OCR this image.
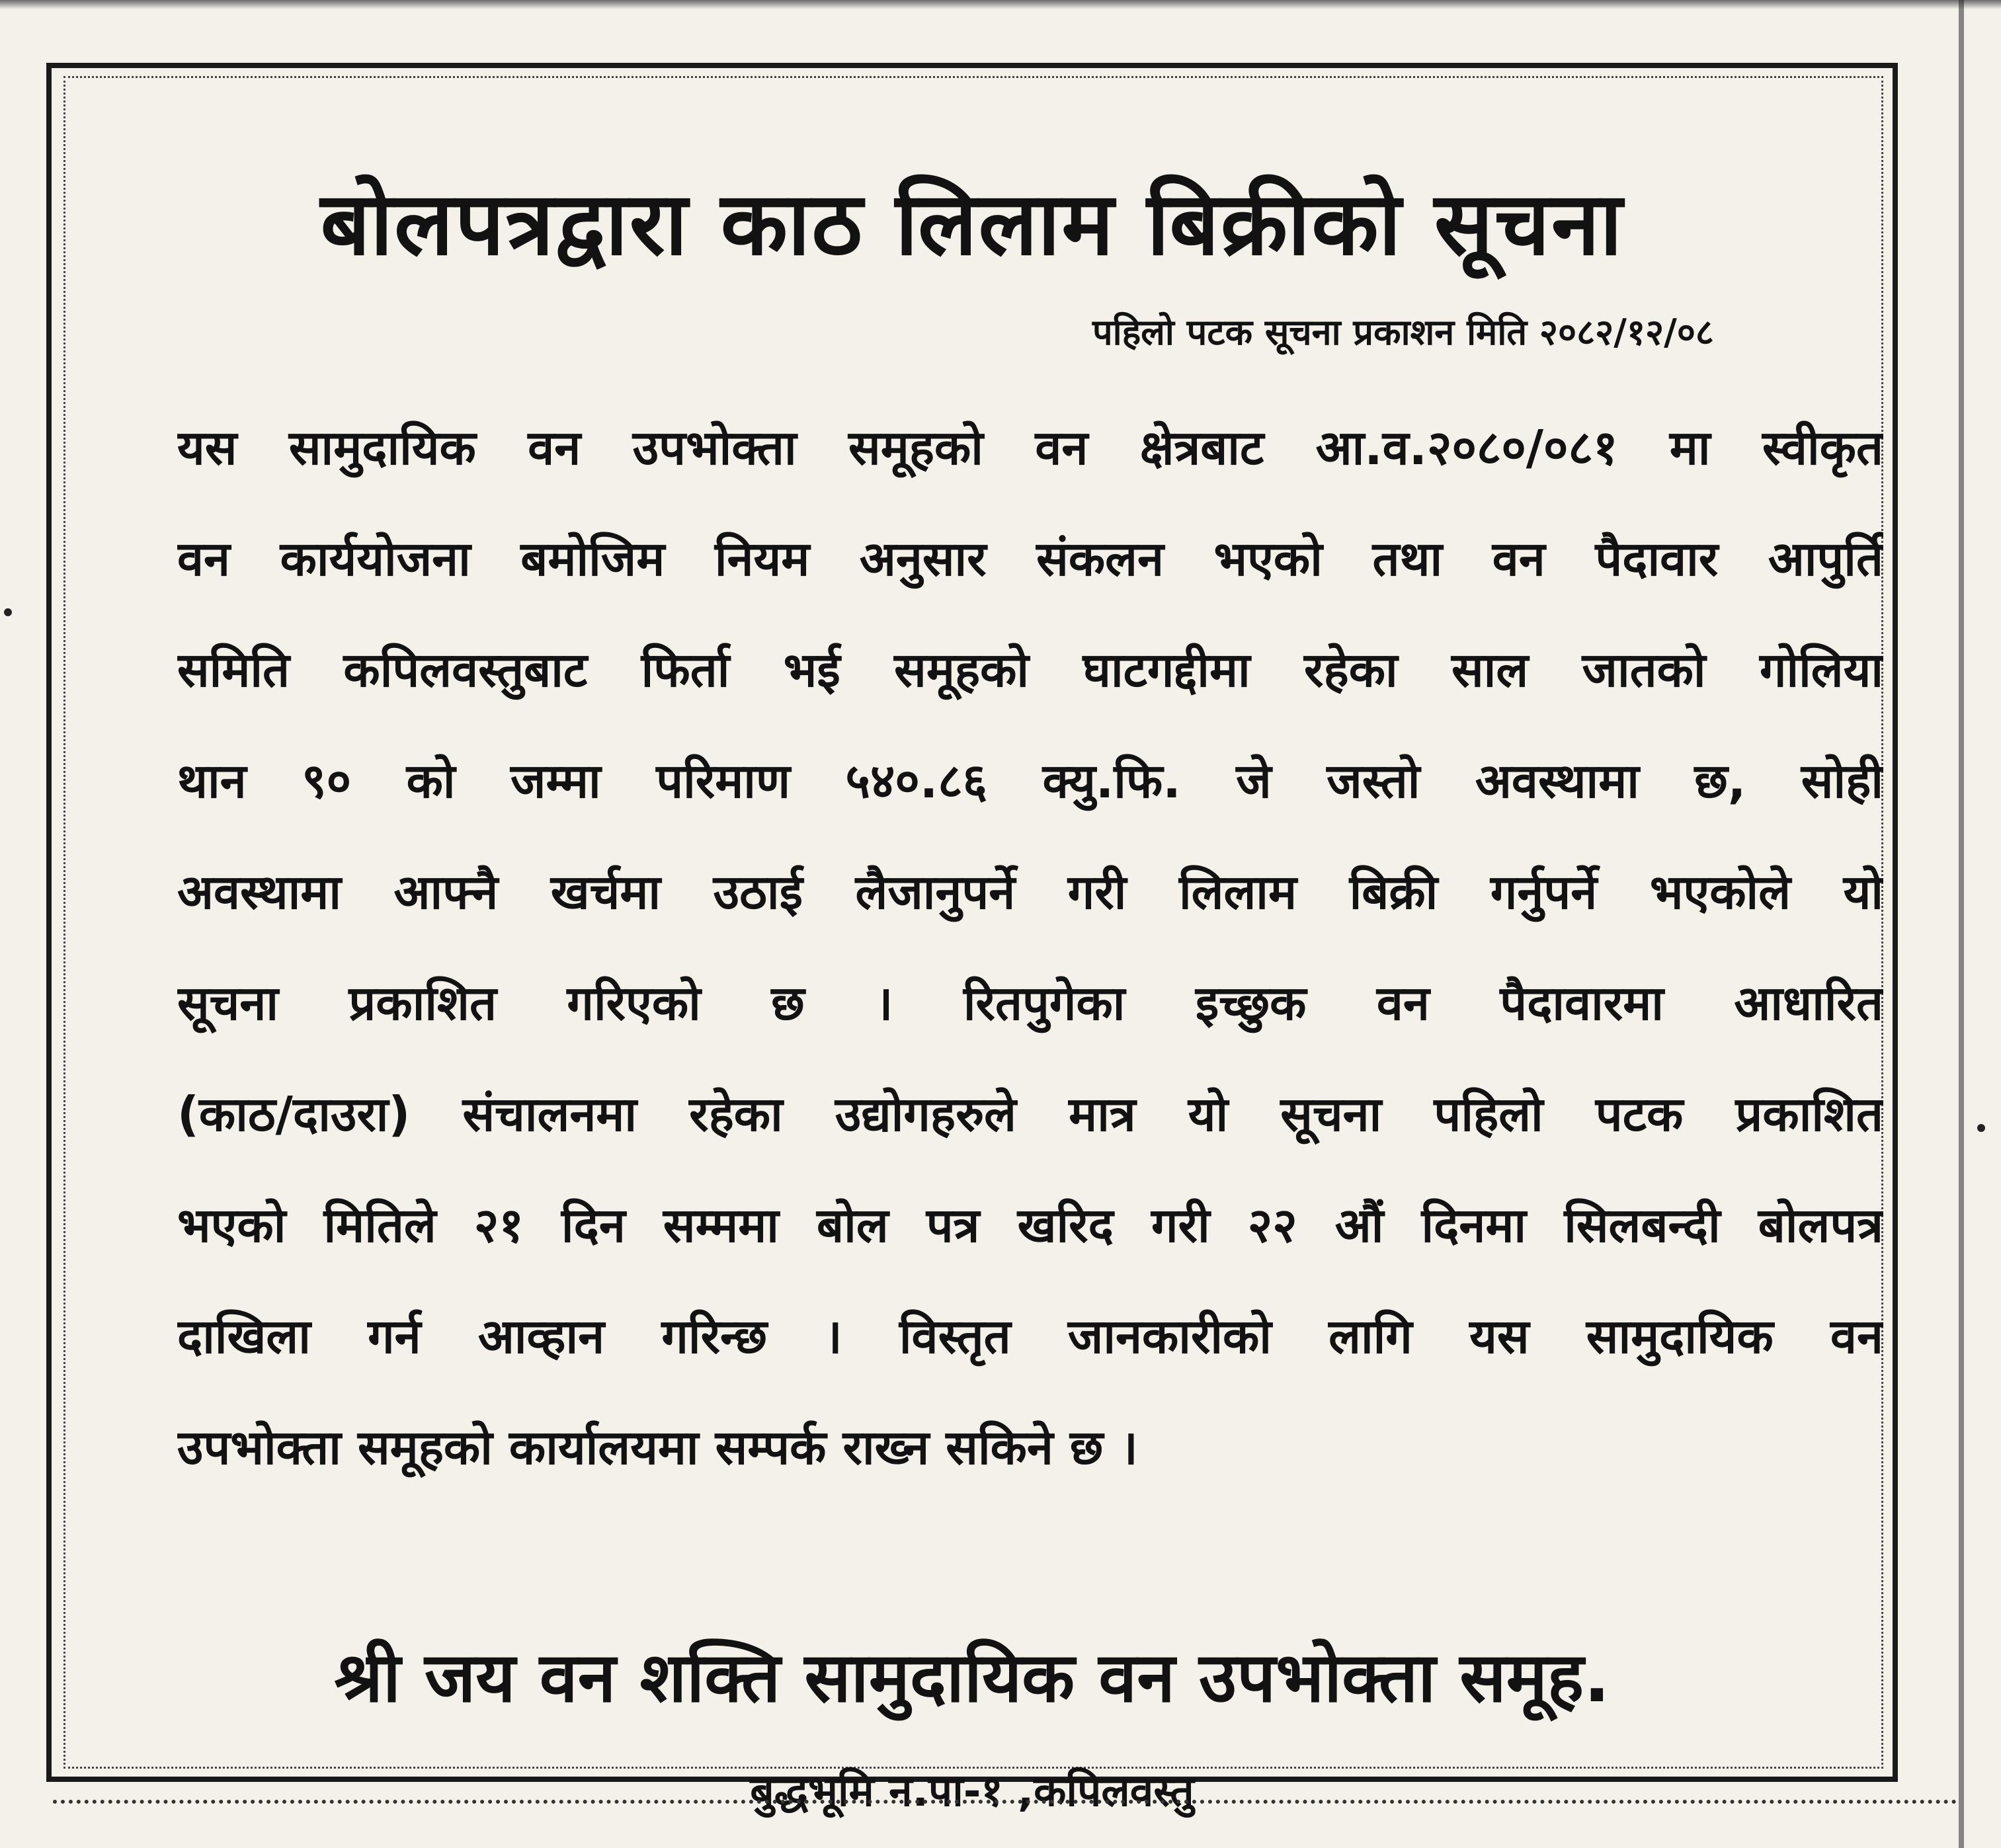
बोलपत्रद्वारा काठ लिलाम बिक्रीको सूचना
पहिलो पटक सूचना प्रकाशन मिति २०८२/१२/०८
यस सामुदायिक वन उपभोक्ता समूहको वन क्षेत्रबाट आ.व.२०८०/०८१ मा स्वीकृत
वन कार्ययोजना बमोजिम नियम अनुसार संकलन भएको तथा वन पैदावार आपुर्ति
समिति कपिलवस्तुबाट फिर्ता भई समूहको घाटगद्दीमा रहेका साल जातको गोलिया
थान ९० को जम्मा परिमाण ५४०.८६ क्यु.फि. जे जस्तो अवस्थामा छ, सोही
अवस्थामा आफ्नै खर्चमा उठाई लैजानुपर्ने गरी लिलाम बिक्री गर्नुपर्ने भएकोले यो
सूचना प्रकाशित गरिएको छ । रितपुगेका इच्छुक वन पैदावारमा आधारित
(काठ/दाउरा) संचालनमा रहेका उद्योगहरुले मात्र यो सूचना पहिलो पटक प्रकाशित
भएको मितिले २१ दिन सम्ममा बोल पत्र खरिद गरी २२ औं दिनमा सिलबन्दी बोलपत्र
दाखिला गर्न आव्हान गरिन्छ । विस्तृत जानकारीको लागि यस सामुदायिक वन
उपभोक्ता समूहको कार्यालयमा सम्पर्क राख्न सकिने छ ।
श्री जय वन शक्ति सामुदायिक वन उपभोक्ता समूह.
बुद्धभूमि न.पा-१ ,कपिलवस्तु
